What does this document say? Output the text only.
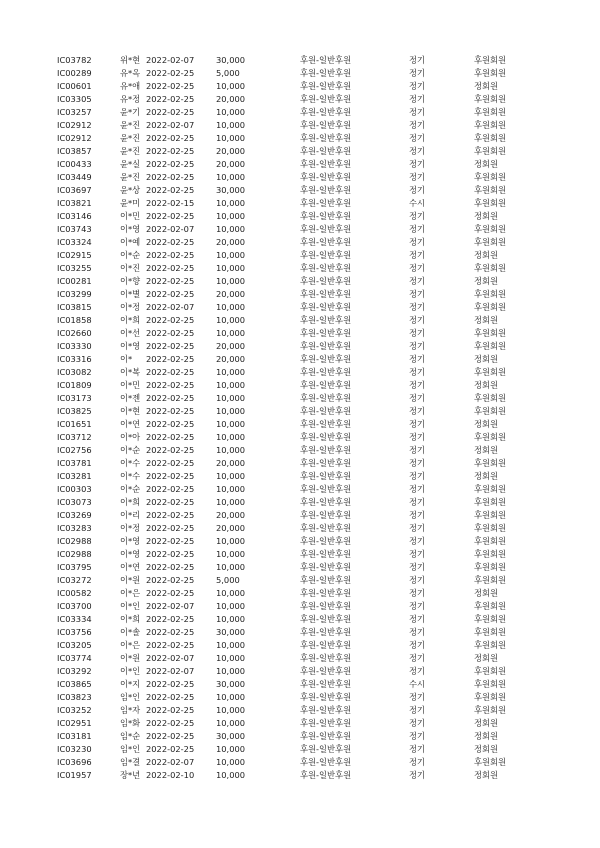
IC03782	위*현 2022-02-07	30,000	후원-일반후원	정기	후원회원
IC00289	유*옥 2022-02-25	5,000	후원-일반후원	정기	후원회원
IC00601	유*애 2022-02-25	10,000	후원-일반후원	정기	정회원
IC03305	유*정 2022-02-25	20,000	후원-일반후원	정기	후원회원
IC03257	윤*기 2022-02-25	10,000	후원-일반후원	정기	후원회원
IC02912	윤*진 2022-02-07	10,000	후원-일반후원	정기	후원회원
IC02912	윤*진 2022-02-25	10,000	후원-일반후원	정기	후원회원
IC03857	윤*진 2022-02-25	20,000	후원-일반후원	정기	후원회원
IC00433	윤*실 2022-02-25	20,000	후원-일반후원	정기	정회원
IC03449	윤*진 2022-02-25	10,000	후원-일반후원	정기	후원회원
IC03697	윤*상 2022-02-25	30,000	후원-일반후원	정기	후원회원
IC03821	윤*미 2022-02-15	10,000	후원-일반후원	수시	후원회원
IC03146	이*민 2022-02-25	10,000	후원-일반후원	정기	정회원
IC03743	이*영 2022-02-07	10,000	후원-일반후원	정기	후원회원
IC03324	이*예 2022-02-25	20,000	후원-일반후원	정기	후원회원
IC02915	이*순 2022-02-25	10,000	후원-일반후원	정기	정회원
IC03255	이*진 2022-02-25	10,000	후원-일반후원	정기	후원회원
IC00281	이*향 2022-02-25	10,000	후원-일반후원	정기	정회원
IC03299	이*별 2022-02-25	20,000	후원-일반후원	정기	후원회원
IC03815	이*정 2022-02-07	10,000	후원-일반후원	정기	후원회원
IC01858	이*희 2022-02-25	10,000	후원-일반후원	정기	정회원
IC02660	이*선 2022-02-25	10,000	후원-일반후원	정기	후원회원
IC03330	이*영 2022-02-25	20,000	후원-일반후원	정기	후원회원
IC03316	이* 2022-02-25	20,000	후원-일반후원	정기	정회원
IC03082	이*복 2022-02-25	10,000	후원-일반후원	정기	후원회원
IC01809	이*민 2022-02-25	10,000	후원-일반후원	정기	정회원
IC03173	이*젠 2022-02-25	10,000	후원-일반후원	정기	후원회원
IC03825	이*현 2022-02-25	10,000	후원-일반후원	정기	후원회원
IC01651	이*연 2022-02-25	10,000	후원-일반후원	정기	정회원
IC03712	이*아 2022-02-25	10,000	후원-일반후원	정기	후원회원
IC02756	이*순 2022-02-25	10,000	후원-일반후원	정기	정회원
IC03781	이*수 2022-02-25	20,000	후원-일반후원	정기	후원회원
IC03281	이*수 2022-02-25	10,000	후원-일반후원	정기	정회원
IC00303	이*순 2022-02-25	10,000	후원-일반후원	정기	후원회원
IC03073	이*희 2022-02-25	10,000	후원-일반후원	정기	후원회원
IC03269	이*리 2022-02-25	20,000	후원-일반후원	정기	후원회원
IC03283	이*정 2022-02-25	20,000	후원-일반후원	정기	후원회원
IC02988	이*영 2022-02-25	10,000	후원-일반후원	정기	후원회원
IC02988	이*영 2022-02-25	10,000	후원-일반후원	정기	후원회원
IC03795	이*연 2022-02-25	10,000	후원-일반후원	정기	후원회원
IC03272	이*원 2022-02-25	5,000	후원-일반후원	정기	후원회원
IC00582	이*은 2022-02-25	10,000	후원-일반후원	정기	정회원
IC03700	이*인 2022-02-07	10,000	후원-일반후원	정기	후원회원
IC03334	이*희 2022-02-25	10,000	후원-일반후원	정기	후원회원
IC03756	이*솔 2022-02-25	30,000	후원-일반후원	정기	후원회원
IC03205	이*은 2022-02-25	10,000	후원-일반후원	정기	후원회원
IC03774	이*원 2022-02-07	10,000	후원-일반후원	정기	정회원
IC03292	이*인 2022-02-07	10,000	후원-일반후원	정기	후원회원
IC03865	이*지 2022-02-25	30,000	후원-일반후원	수시	후원회원
IC03823	임*인 2022-02-25	10,000	후원-일반후원	정기	후원회원
IC03252	임*자 2022-02-25	10,000	후원-일반후원	정기	후원회원
IC02951	임*화 2022-02-25	10,000	후원-일반후원	정기	정회원
IC03181	임*순 2022-02-25	30,000	후원-일반후원	정기	정회원
IC03230	임*인 2022-02-25	10,000	후원-일반후원	정기	정회원
IC03696	임*결 2022-02-07	10,000	후원-일반후원	정기	후원회원
IC01957	장*년 2022-02-10	10,000	후원-일반후원	정기	정회원
